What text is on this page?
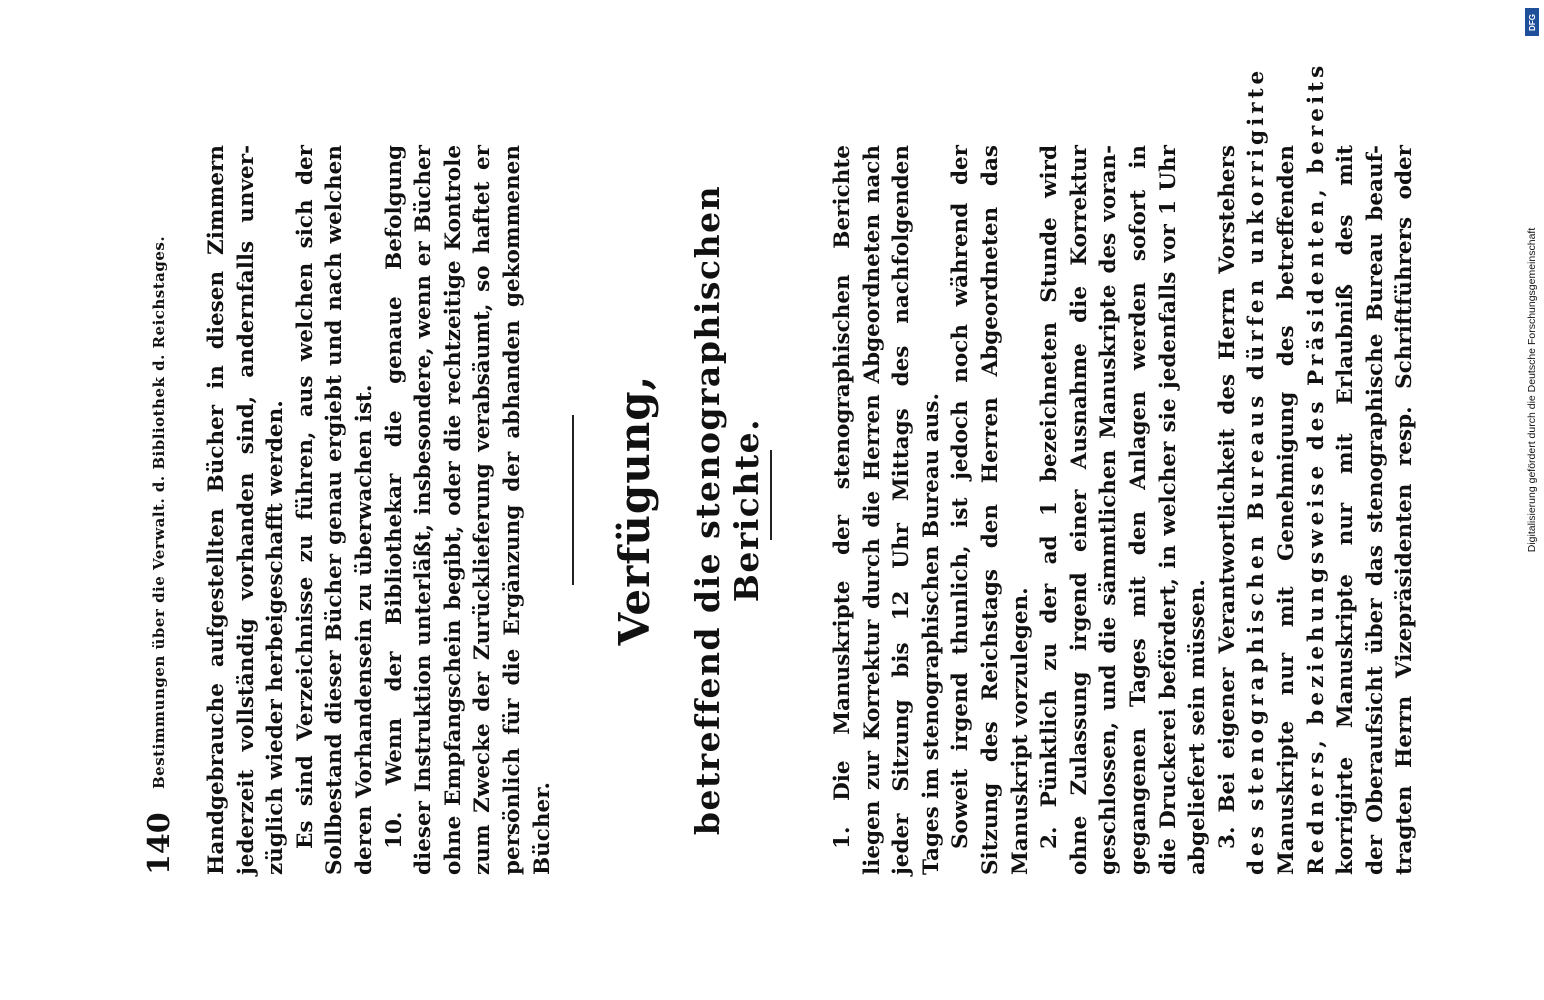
140
Bestimmungen über die Verwalt. d. Bibliothek d. Reichstages. Handgebrauche aufgestellten Bücher in diesen Zimmern jederzeit vollständig vorhanden sind, andernfalls unver- züglich wieder herbeigeschafft werden. Es sind Verzeichnisse zu führen, aus welchen sich der Sollbestand dieser Bücher genau ergiebt und nach welchen deren Vorhandensein zu überwachen ist. 10. Wenn der Bibliothekar die genaue Befolgung dieser Instruktion unterläßt, insbesondere, wenn er Bücher ohne Empfangschein begibt, oder die rechtzeitige Kontrole zum Zwecke der Zurücklieferung verabsäumt, so haftet er persönlich für die Ergänzung der abhanden gekommenen Bücher.
Verfügung, betreffend die stenographischen Berichte.	1. Die Manuskripte der stenographischen Berichte liegen zur Korrektur durch die Herren Abgeordneten nach jeder Sitzung bis 12 Uhr Mittags des nachfolgenden Tages im stenographischen Bureau aus. Soweit irgend thunlich, ist jedoch noch während der Sitzung des Reichstags den Herren Abgeordneten das Manuskript vorzulegen. 2. Pünktlich zu der ad 1 bezeichneten Stunde wird ohne Zulassung irgend einer Ausnahme die Korrektur geschlossen, und die sämmtlichen Manuskripte des voran- gegangenen Tages mit den Anlagen werden sofort in die Druckerei befördert, in welcher sie jedenfalls vor 1 Uhr abgeliefert sein müssen. 3. Bei eigener Verantwortlichkeit des Herrn Vorstehers des stenographischen Bureaus dürfen unkorrigirte Manuskripte nur mit Genehmigung des betreffenden Redners, beziehungsweise des Präsidenten, bereits korrigirte Manuskripte nur mit Erlaubniß des mit der Oberaufsicht über das stenographische Bureau beauf- tragten Herrn Vizepräsidenten resp. Schriftführers oder
DFG
Digitalisierung gefördert durch die Deutsche Forschungsgemeinschaft
